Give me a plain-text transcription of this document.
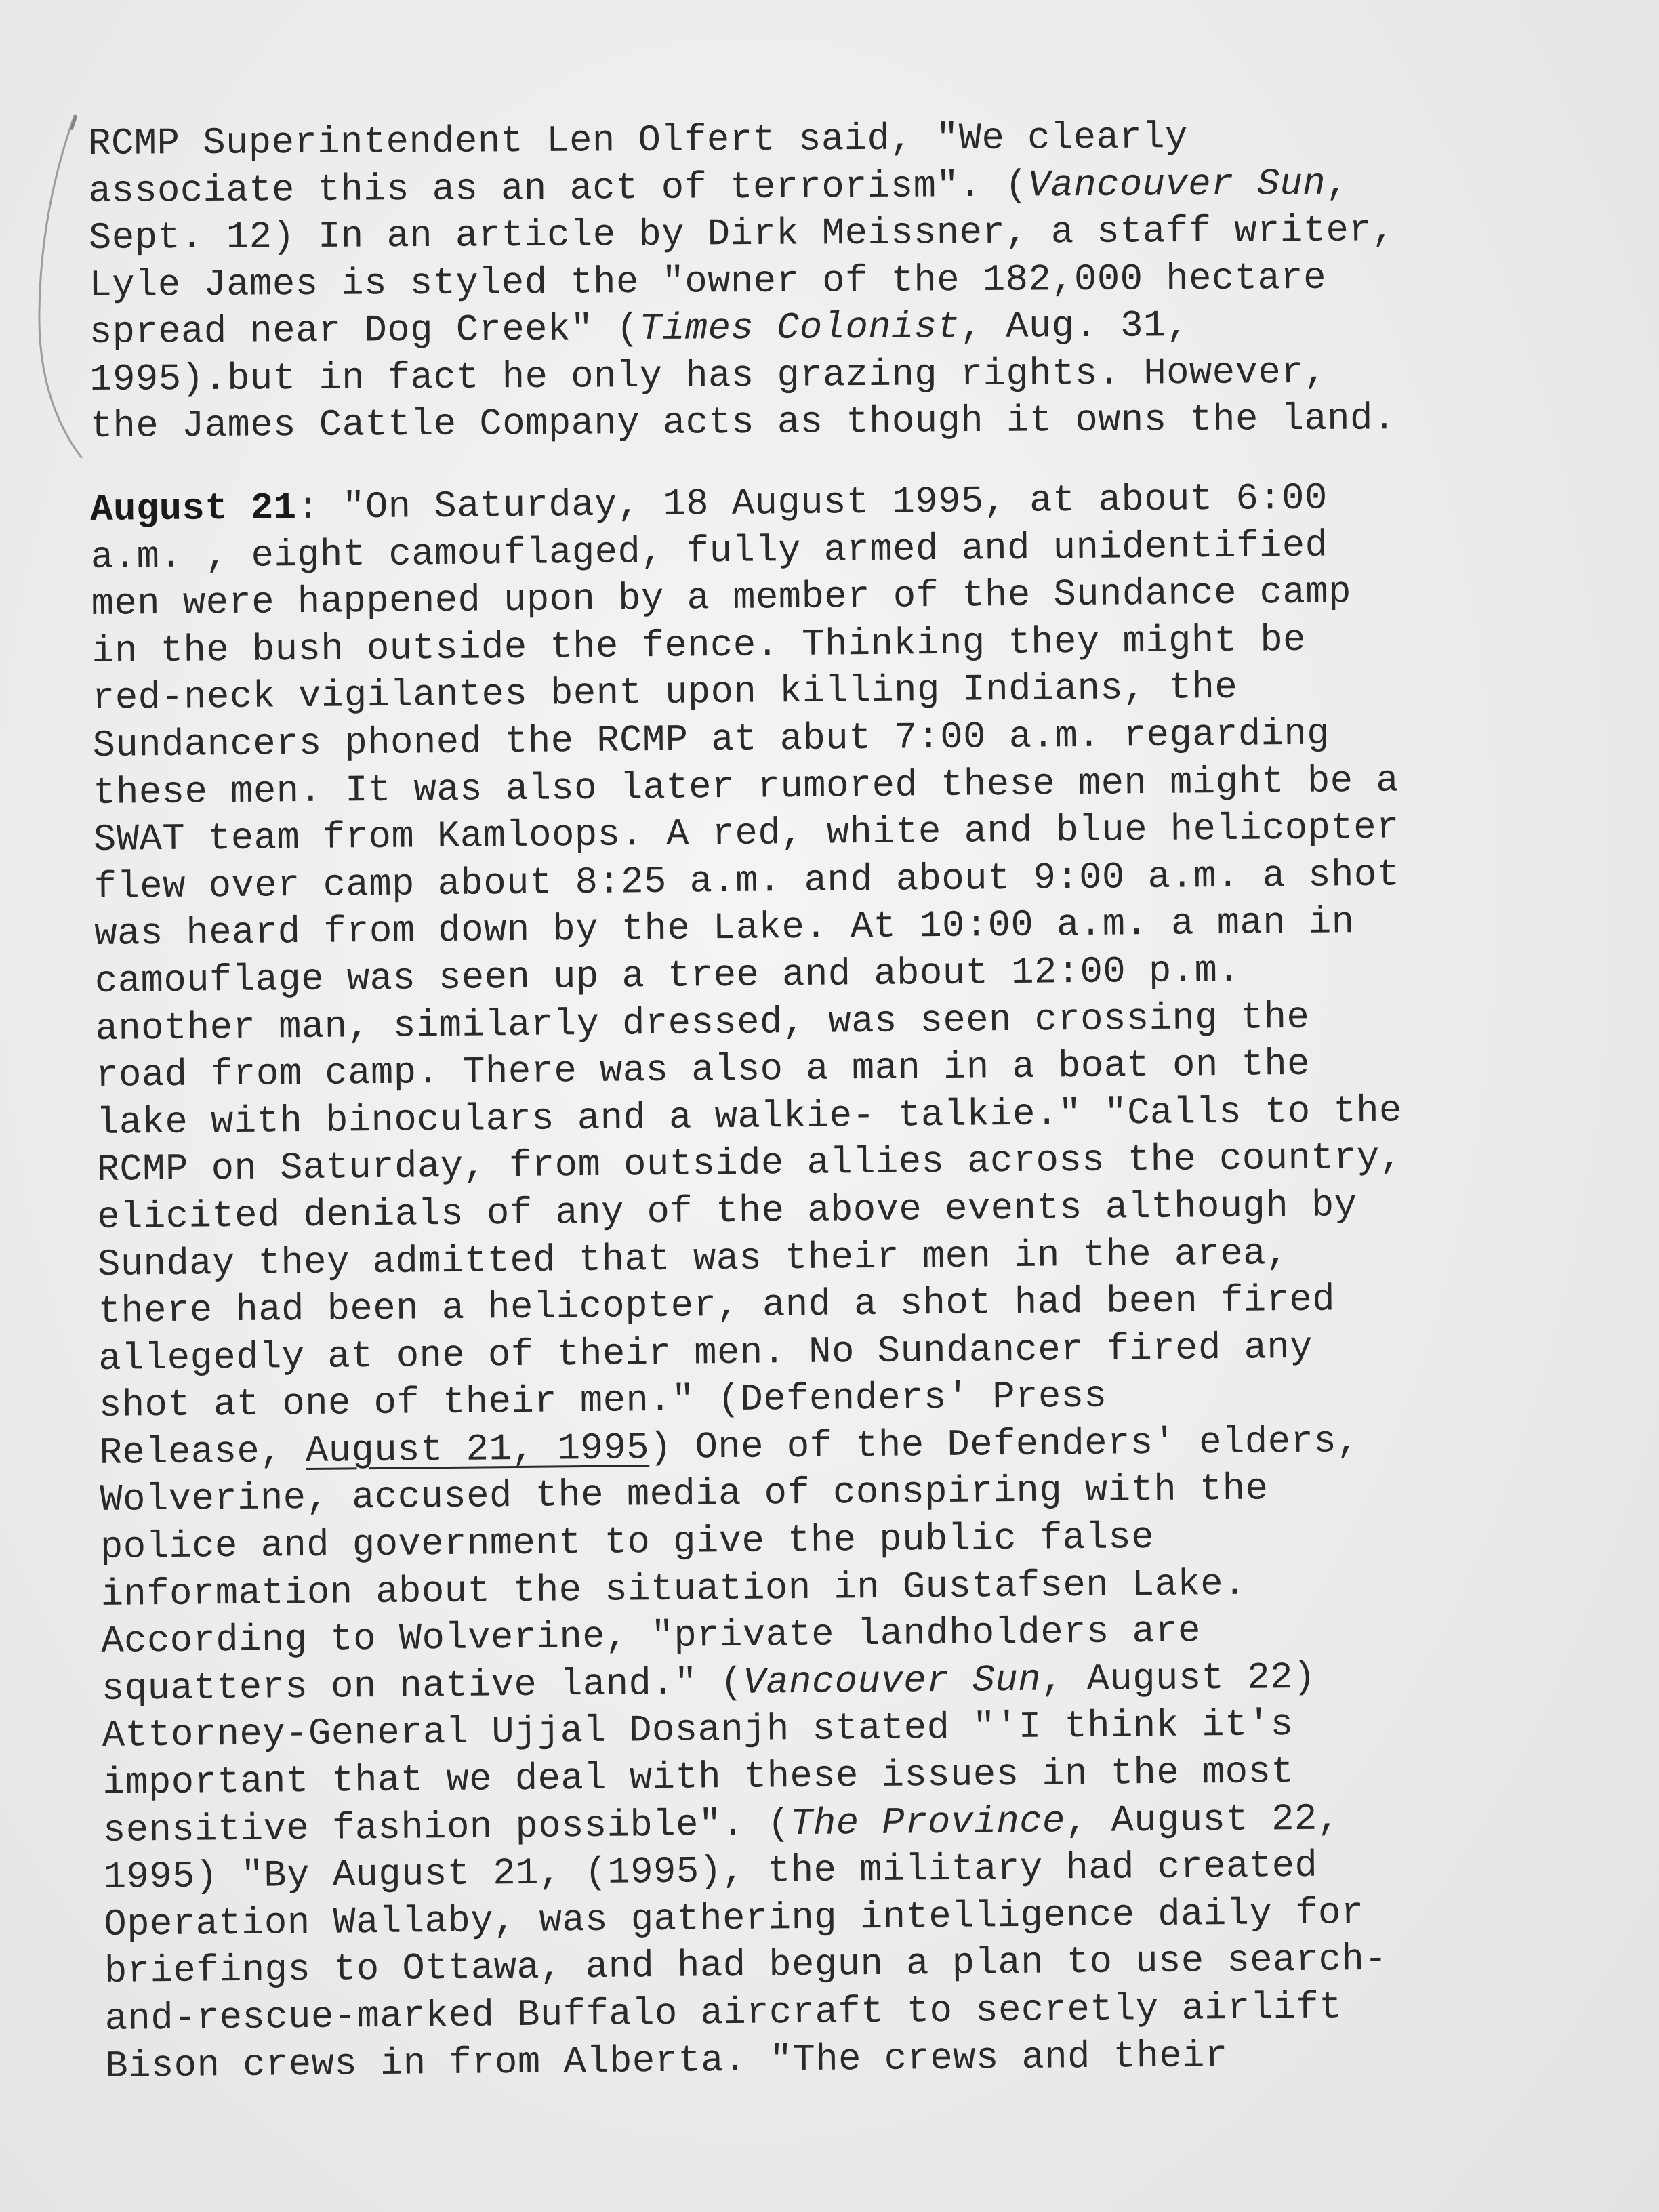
RCMP Superintendent Len Olfert said, "We clearly
associate this as an act of terrorism". (Vancouver Sun,
Sept. 12) In an article by Dirk Meissner, a staff writer,
Lyle James is styled the "owner of the 182,000 hectare
spread near Dog Creek" (Times Colonist, Aug. 31,
1995).but in fact he only has grazing rights. However,
the James Cattle Company acts as though it owns the land.
August 21: "On Saturday, 18 August 1995, at about 6:00
a.m. , eight camouflaged, fully armed and unidentified
men were happened upon by a member of the Sundance camp
in the bush outside the fence. Thinking they might be
red-neck vigilantes bent upon killing Indians, the
Sundancers phoned the RCMP at abut 7:00 a.m. regarding
these men. It was also later rumored these men might be a
SWAT team from Kamloops. A red, white and blue helicopter
flew over camp about 8:25 a.m. and about 9:00 a.m. a shot
was heard from down by the Lake. At 10:00 a.m. a man in
camouflage was seen up a tree and about 12:00 p.m.
another man, similarly dressed, was seen crossing the
road from camp. There was also a man in a boat on the
lake with binoculars and a walkie- talkie." "Calls to the
RCMP on Saturday, from outside allies across the country,
elicited denials of any of the above events although by
Sunday they admitted that was their men in the area,
there had been a helicopter, and a shot had been fired
allegedly at one of their men. No Sundancer fired any
shot at one of their men." (Defenders' Press
Release, August 21, 1995) One of the Defenders' elders,
Wolverine, accused the media of conspiring with the
police and government to give the public false
information about the situation in Gustafsen Lake.
According to Wolverine, "private landholders are
squatters on native land." (Vancouver Sun, August 22)
Attorney-General Ujjal Dosanjh stated "'I think it's
important that we deal with these issues in the most
sensitive fashion possible". (The Province, August 22,
1995) "By August 21, (1995), the military had created
Operation Wallaby, was gathering intelligence daily for
briefings to Ottawa, and had begun a plan to use search-
and-rescue-marked Buffalo aircraft to secretly airlift
Bison crews in from Alberta. "The crews and their
